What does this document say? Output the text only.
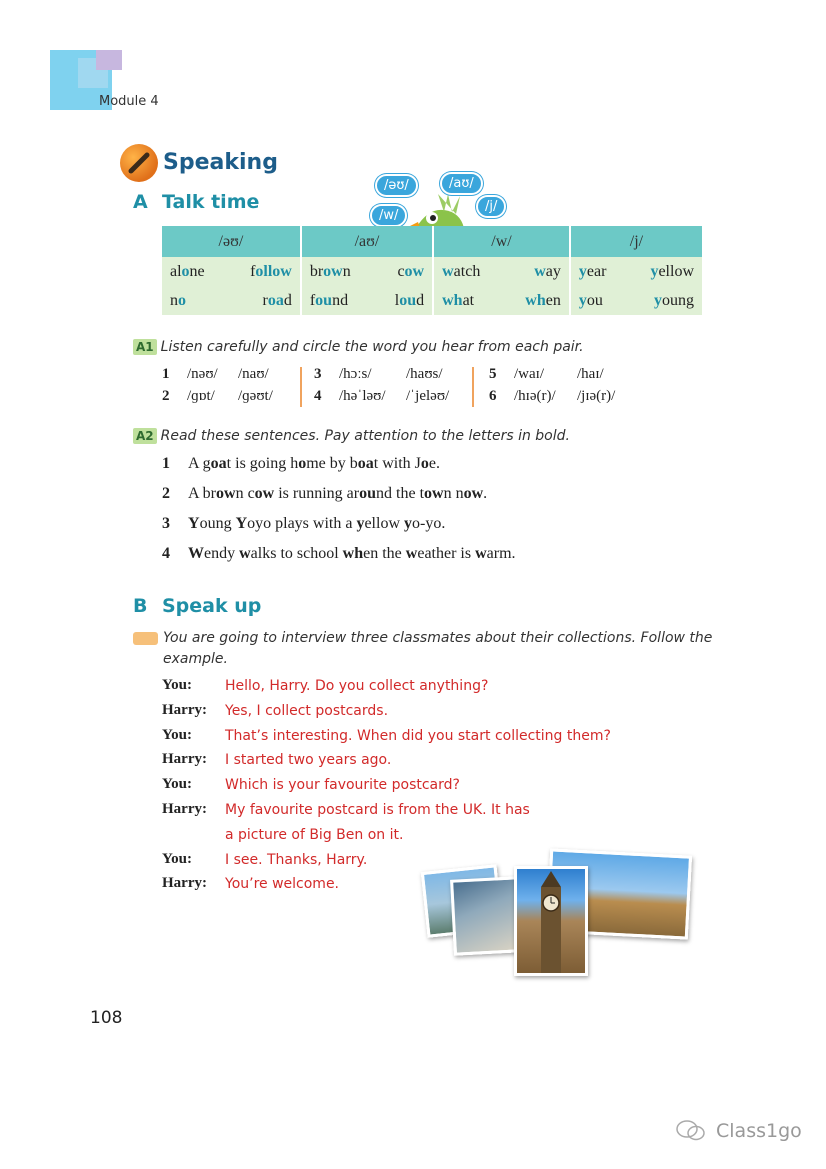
Module 4
Speaking
A Talk time
/əʊ/	/aʊ/
/w/
/j/
/əʊ/		/aʊ/		/w/		/j/	
alone	follow	brown	cow	watch	way	year	yellow
no	road	found	loud	what	when	you	young
A1 Listen carefully and circle the word you hear from each pair.
1 /nəʊ/ /naʊ/
2 /ɡɒt/ /ɡəʊt/
3 /hɔːs/ /haʊs/
4 /həˈləʊ/ /ˈjeləʊ/
5 /waɪ/ /haɪ/
6 /hɪə(r)/ /jɪə(r)/
A2 Read these sentences. Pay attention to the letters in bold.
1 A goat is going home by boat with Joe.
2 A brown cow is running around the town now.
3 Young Yoyo plays with a yellow yo-yo.
4 Wendy walks to school when the weather is warm.
B Speak up
You are going to interview three classmates about their collections. Follow the
example.
You: Hello, Harry. Do you collect anything?
Harry: Yes, I collect postcards.
You: That’s interesting. When did you start collecting them?
Harry: I started two years ago.
You: Which is your favourite postcard?
Harry: My favourite postcard is from the UK. It has
a picture of Big Ben on it.
You: I see. Thanks, Harry.
Harry: You’re welcome.
108
Class1go
